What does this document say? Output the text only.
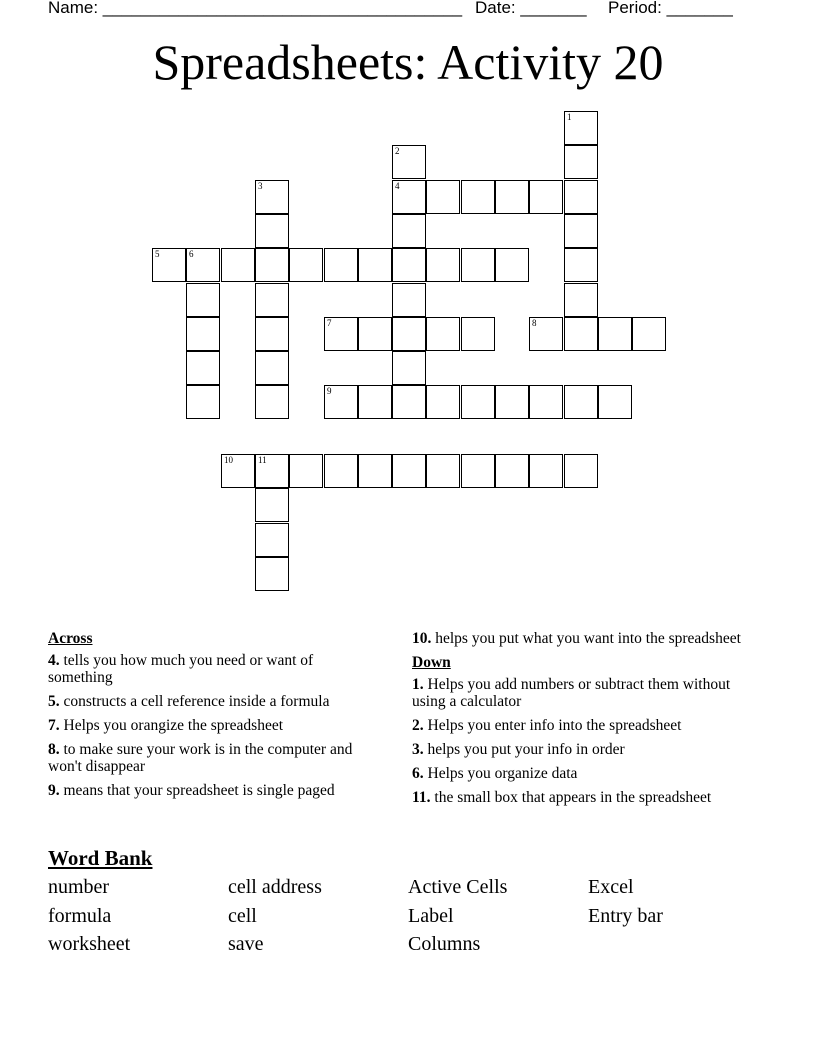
Name: ______________________________________ Date: _______ Period: _______
Spreadsheets: Activity 20
1
2
4
3
5	6
7	8
9
10	11
Across
4. tells you how much you need or want of something
5. constructs a cell reference inside a formula
7. Helps you orangize the spreadsheet
8. to make sure your work is in the computer and won't disappear
9. means that your spreadsheet is single paged
10. helps you put what you want into the spreadsheet
Down
1. Helps you add numbers or subtract them without using a calculator
2. Helps you enter info into the spreadsheet
3. helps you put your info in order
6. Helps you organize data
11. the small box that appears in the spreadsheet
Word Bank
number	cell address	Active Cells	Excel
formula	cell	Label	Entry bar
worksheet	save	Columns
